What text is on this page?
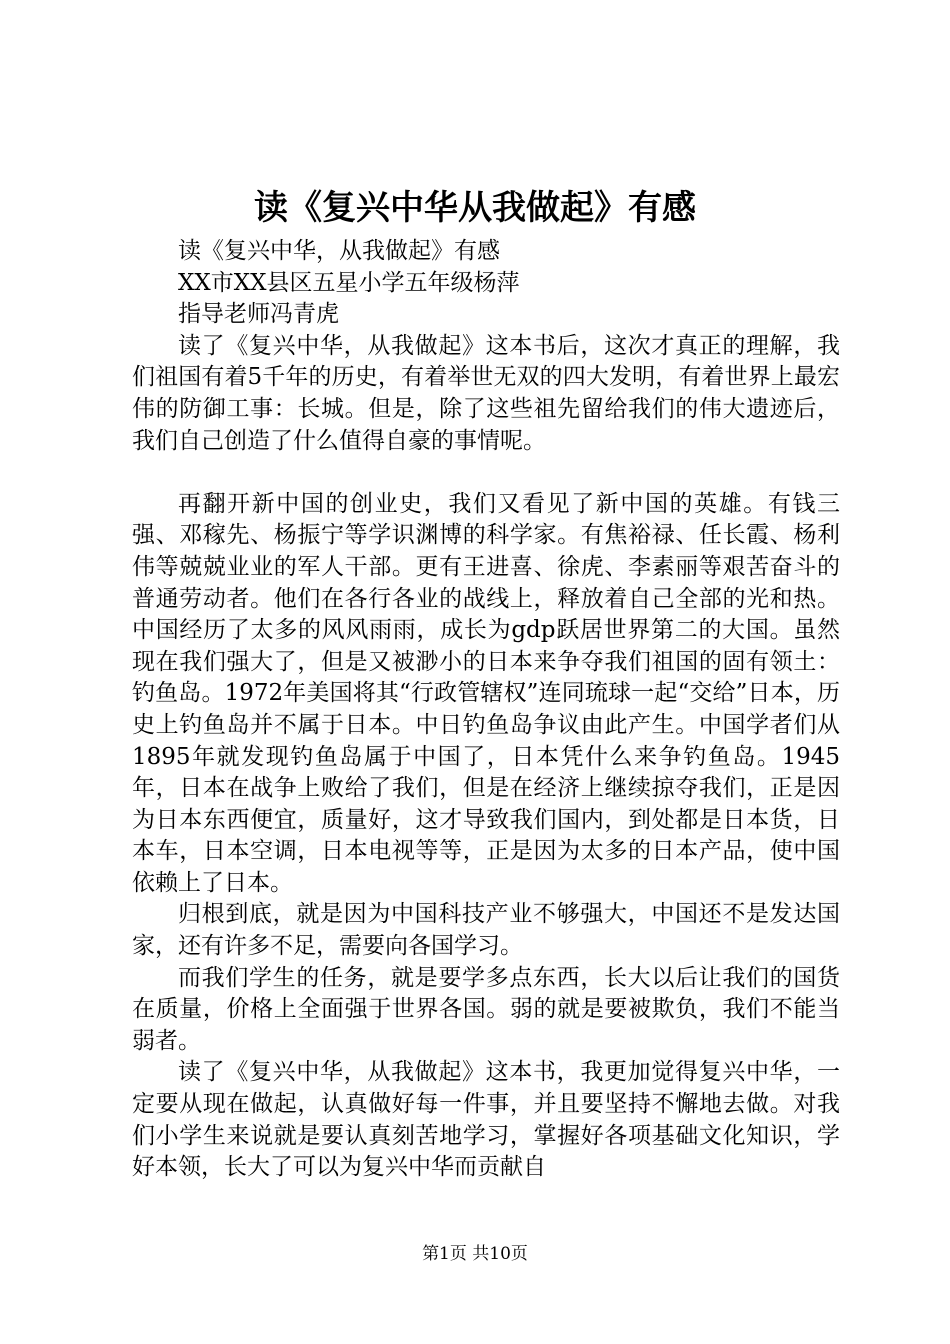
读《复兴中华从我做起》有感

读《复兴中华，从我做起》有感

XX市XX县区五星小学五年级杨萍

指导老师冯青虎

读了《复兴中华，从我做起》这本书后，这次才真正的理解，我们祖国有着5千年的历史，有着举世无双的四大发明，有着世界上最宏伟的防御工事：长城。但是，除了这些祖先留给我们的伟大遗迹后，我们自己创造了什么值得自豪的事情呢。

再翻开新中国的创业史，我们又看见了新中国的英雄。有钱三强、邓稼先、杨振宁等学识渊博的科学家。有焦裕禄、任长霞、杨利伟等兢兢业业的军人干部。更有王进喜、徐虎、李素丽等艰苦奋斗的普通劳动者。他们在各行各业的战线上，释放着自己全部的光和热。中国经历了太多的风风雨雨，成长为gdp跃居世界第二的大国。虽然现在我们强大了，但是又被渺小的日本来争夺我们祖国的固有领土：钓鱼岛。1972年美国将其“行政管辖权”连同琉球一起“交给”日本，历史上钓鱼岛并不属于日本。中日钓鱼岛争议由此产生。中国学者们从1895年就发现钓鱼岛属于中国了，日本凭什么来争钓鱼岛。1945年，日本在战争上败给了我们，但是在经济上继续掠夺我们，正是因为日本东西便宜，质量好，这才导致我们国内，到处都是日本货，日本车，日本空调，日本电视等等，正是因为太多的日本产品，使中国依赖上了日本。

归根到底，就是因为中国科技产业不够强大，中国还不是发达国家，还有许多不足，需要向各国学习。

而我们学生的任务，就是要学多点东西，长大以后让我们的国货在质量，价格上全面强于世界各国。弱的就是要被欺负，我们不能当弱者。

读了《复兴中华，从我做起》这本书，我更加觉得复兴中华，一定要从现在做起，认真做好每一件事，并且要坚持不懈地去做。对我们小学生来说就是要认真刻苦地学习，掌握好各项基础文化知识，学好本领，长大了可以为复兴中华而贡献自

第1页 共10页
